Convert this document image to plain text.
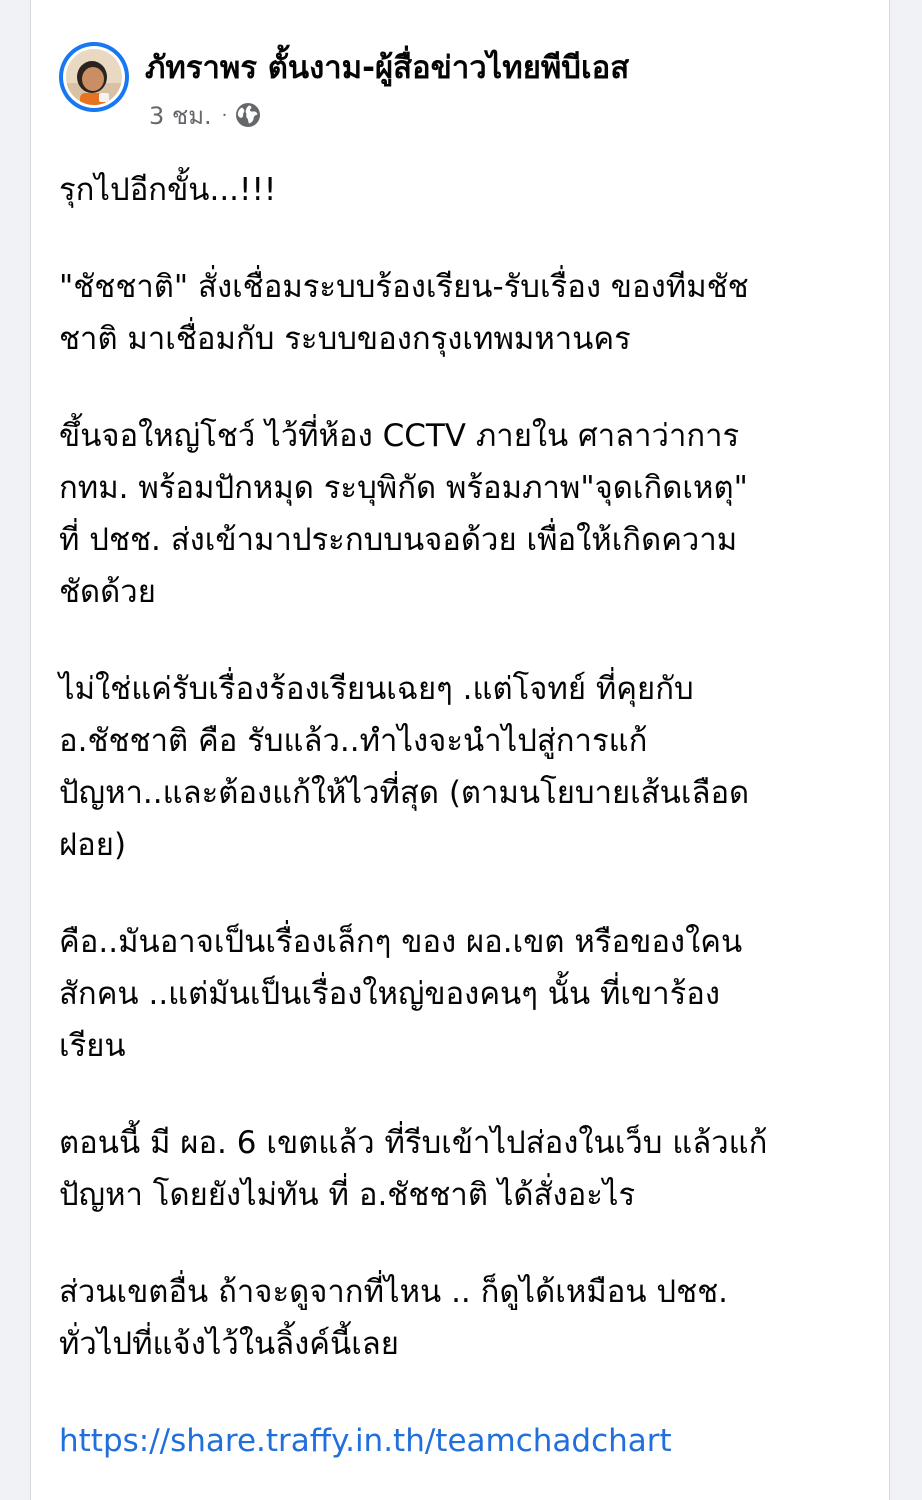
ภัทราพร ตั้นงาม-ผู้สื่อข่าวไทยพีบีเอส
3 ชม. ·

รุกไปอีกขั้น...!!!

"ชัชชาติ" สั่งเชื่อมระบบร้องเรียน-รับเรื่อง ของทีมชัช
ชาติ มาเชื่อมกับ ระบบของกรุงเทพมหานคร

ขึ้นจอใหญ่โชว์ ไว้ที่ห้อง CCTV ภายใน ศาลาว่าการ
กทม. พร้อมปักหมุด ระบุพิกัด พร้อมภาพ"จุดเกิดเหตุ"
ที่ ปชช. ส่งเข้ามาประกบบนจอด้วย เพื่อให้เกิดความ
ชัดด้วย

ไม่ใช่แค่รับเรื่องร้องเรียนเฉยๆ .แต่โจทย์ ที่คุยกับ
อ.ชัชชาติ คือ รับแล้ว..ทำไงจะนำไปสู่การแก้
ปัญหา..และต้องแก้ให้ไวที่สุด (ตามนโยบายเส้นเลือด
ฝอย)

คือ..มันอาจเป็นเรื่องเล็กๆ ของ ผอ.เขต หรือของใคน
สักคน ..แต่มันเป็นเรื่องใหญ่ของคนๆ นั้น ที่เขาร้อง
เรียน

ตอนนี้ มี ผอ. 6 เขตแล้ว ที่รีบเข้าไปส่องในเว็บ แล้วแก้
ปัญหา โดยยังไม่ทัน ที่ อ.ชัชชาติ ได้สั่งอะไร

ส่วนเขตอื่น ถ้าจะดูจากที่ไหน .. ก็ดูได้เหมือน ปชช.
ทั่วไปที่แจ้งไว้ในลิ้งค์นี้เลย

https://share.traffy.in.th/teamchadchart
